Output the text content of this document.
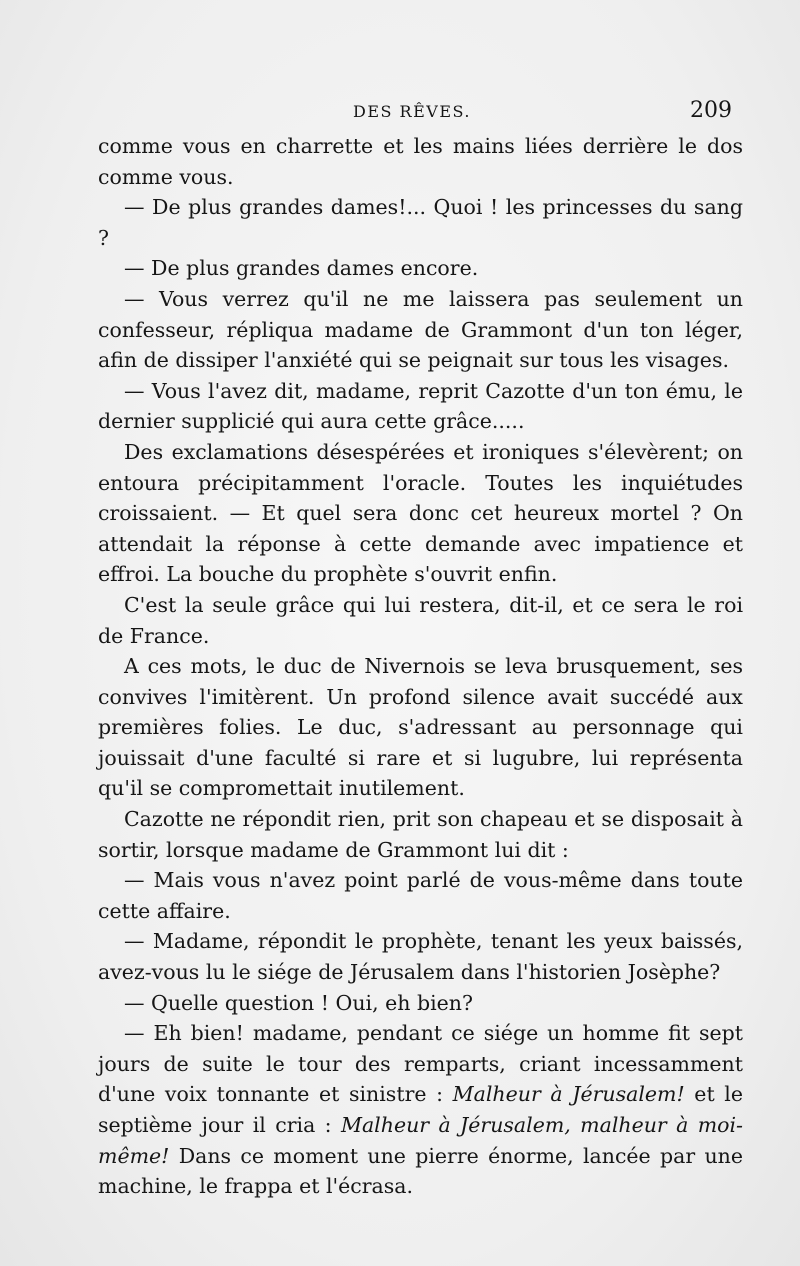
DES RÊVES.	209

comme vous en charrette et les mains liées derrière le dos comme vous.

— De plus grandes dames!... Quoi ! les princesses du sang ?

— De plus grandes dames encore.

— Vous verrez qu'il ne me laissera pas seulement un confesseur, répliqua madame de Grammont d'un ton léger, afin de dissiper l'anxiété qui se peignait sur tous les visages.

— Vous l'avez dit, madame, reprit Cazotte d'un ton ému, le dernier supplicié qui aura cette grâce.....

Des exclamations désespérées et ironiques s'élevèrent; on entoura précipitamment l'oracle. Toutes les inquiétudes croissaient. — Et quel sera donc cet heureux mortel ? On attendait la réponse à cette demande avec impatience et effroi. La bouche du prophète s'ouvrit enfin.

C'est la seule grâce qui lui restera, dit-il, et ce sera le roi de France.

A ces mots, le duc de Nivernois se leva brusquement, ses convives l'imitèrent. Un profond silence avait succédé aux premières folies. Le duc, s'adressant au personnage qui jouissait d'une faculté si rare et si lugubre, lui représenta qu'il se compromettait inutilement.

Cazotte ne répondit rien, prit son chapeau et se disposait à sortir, lorsque madame de Grammont lui dit :

— Mais vous n'avez point parlé de vous-même dans toute cette affaire.

— Madame, répondit le prophète, tenant les yeux baissés, avez-vous lu le siége de Jérusalem dans l'historien Josèphe?

— Quelle question ! Oui, eh bien?

— Eh bien! madame, pendant ce siége un homme fit sept jours de suite le tour des remparts, criant incessamment d'une voix tonnante et sinistre : Malheur à Jérusalem! et le septième jour il cria : Malheur à Jérusalem, malheur à moi-même! Dans ce moment une pierre énorme, lancée par une machine, le frappa et l'écrasa.
